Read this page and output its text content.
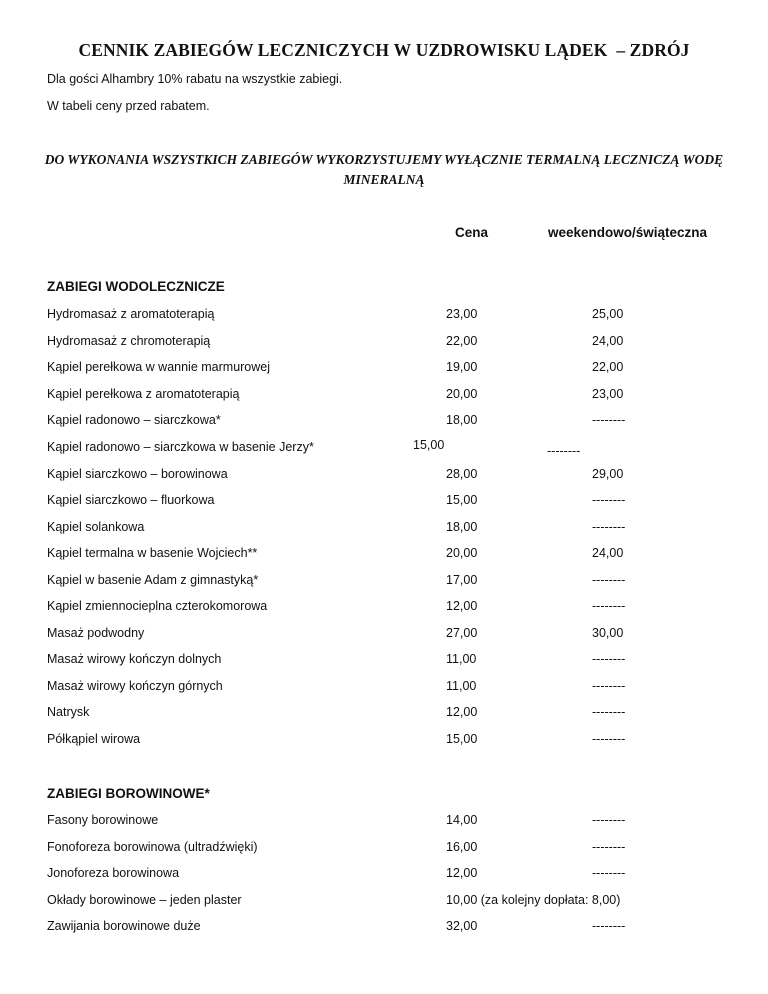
CENNIK ZABIEGÓW LECZNICZYCH W UZDROWISKU LĄDEK – ZDRÓJ
Dla gości Alhambry 10% rabatu na wszystkie zabiegi.
W tabeli ceny przed rabatem.
DO WYKONANIA WSZYSTKICH ZABIEGÓW WYKORZYSTUJEMY WYŁĄCZNIE TERMALNĄ LECZNICZĄ WODĘ MINERALNĄ
Cena	weekendowo/świąteczna
ZABIEGI WODOLECZNICZE
Hydromasaż z aromatoterapią	23,00	25,00
Hydromasaż z chromoterapią	22,00	24,00
Kąpiel perełkowa w wannie marmurowej	19,00	22,00
Kąpiel perełkowa z aromatoterapią	20,00	23,00
Kąpiel radonowo – siarczkowa*	18,00	--------
Kąpiel radonowo – siarczkowa w basenie Jerzy*	15,00	--------
Kąpiel siarczkowo – borowinowa	28,00	29,00
Kąpiel siarczkowo – fluorkowa	15,00	--------
Kąpiel solankowa	18,00	--------
Kąpiel termalna w basenie Wojciech**	20,00	24,00
Kąpiel w basenie Adam z gimnastyką*	17,00	--------
Kąpiel zmiennocieplna czterokomorowa	12,00	--------
Masaż podwodny	27,00	30,00
Masaż wirowy kończyn dolnych	11,00	--------
Masaż wirowy kończyn górnych	11,00	--------
Natrysk	12,00	--------
Półkąpiel wirowa	15,00	--------
ZABIEGI BOROWINOWE*
Fasony borowinowe	14,00	--------
Fonoforeza borowinowa (ultradźwięki)	16,00	--------
Jonoforeza borowinowa	12,00	--------
Okłady borowinowe – jeden plaster	10,00 (za kolejny dopłata: 8,00)
Zawijania borowinowe duże	32,00	--------
